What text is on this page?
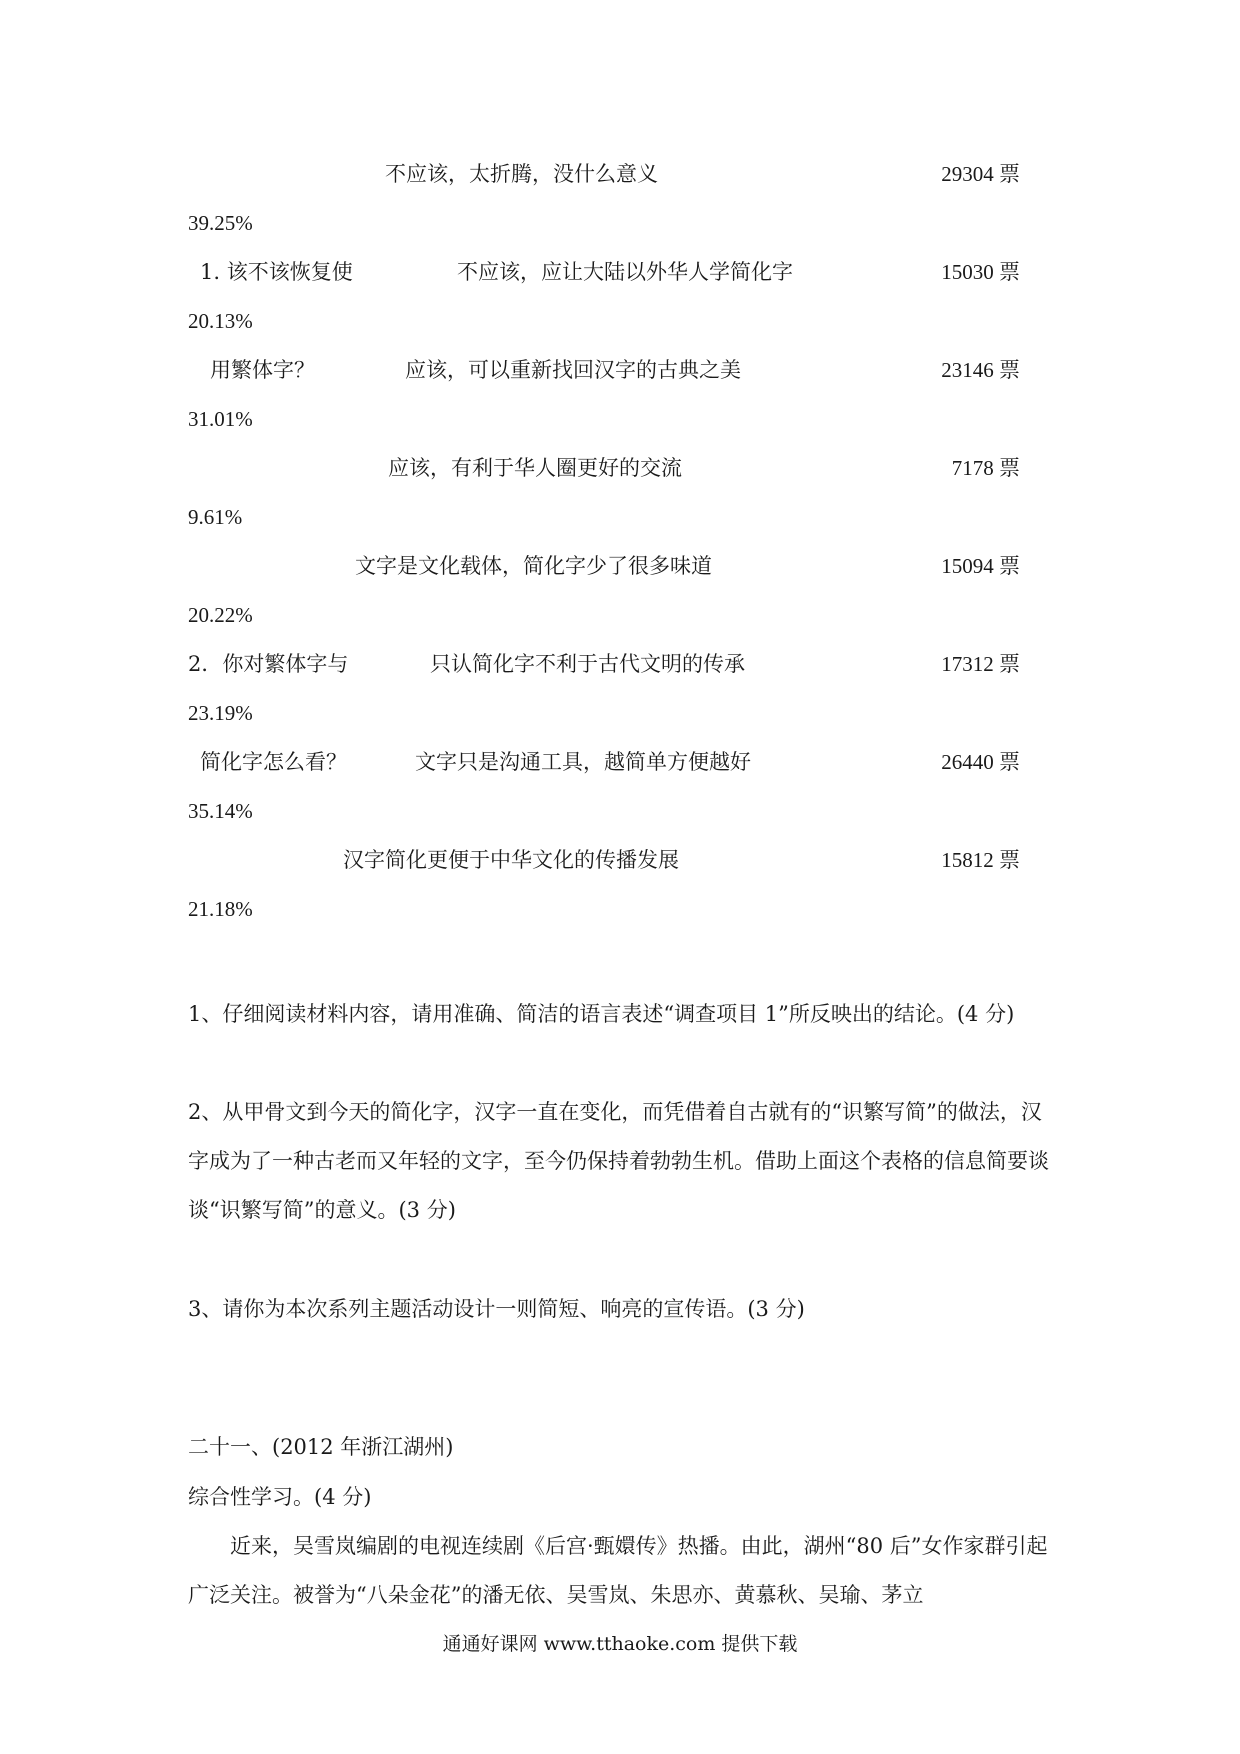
不应该，太折腾，没什么意义	29304 票
39.25%
1. 该不该恢复使	不应该，应让大陆以外华人学简化字	15030 票
20.13%
用繁体字？	应该，可以重新找回汉字的古典之美	23146 票
31.01%
应该，有利于华人圈更好的交流	7178 票
9.61%
文字是文化载体，简化字少了很多味道	15094 票
20.22%
2．你对繁体字与	只认简化字不利于古代文明的传承	17312 票
23.19%
简化字怎么看？	文字只是沟通工具，越简单方便越好	26440 票
35.14%
汉字简化更便于中华文化的传播发展	15812 票
21.18%
1、仔细阅读材料内容，请用准确、简洁的语言表述“调查项目 1”所反映出的结论。(4 分)
2、从甲骨文到今天的简化字，汉字一直在变化，而凭借着自古就有的“识繁写简”的做法，汉字成为了一种古老而又年轻的文字，至今仍保持着勃勃生机。借助上面这个表格的信息简要谈谈“识繁写简”的意义。(3 分)
3、请你为本次系列主题活动设计一则简短、响亮的宣传语。(3 分)
二十一、(2012 年浙江湖州)
综合性学习。(4 分)
近来，吴雪岚编剧的电视连续剧《后宫·甄嬛传》热播。由此，湖州“80 后”女作家群引起广泛关注。被誉为“八朵金花”的潘无依、吴雪岚、朱思亦、黄慕秋、吴瑜、茅立
通通好课网 www.tthaoke.com 提供下载
